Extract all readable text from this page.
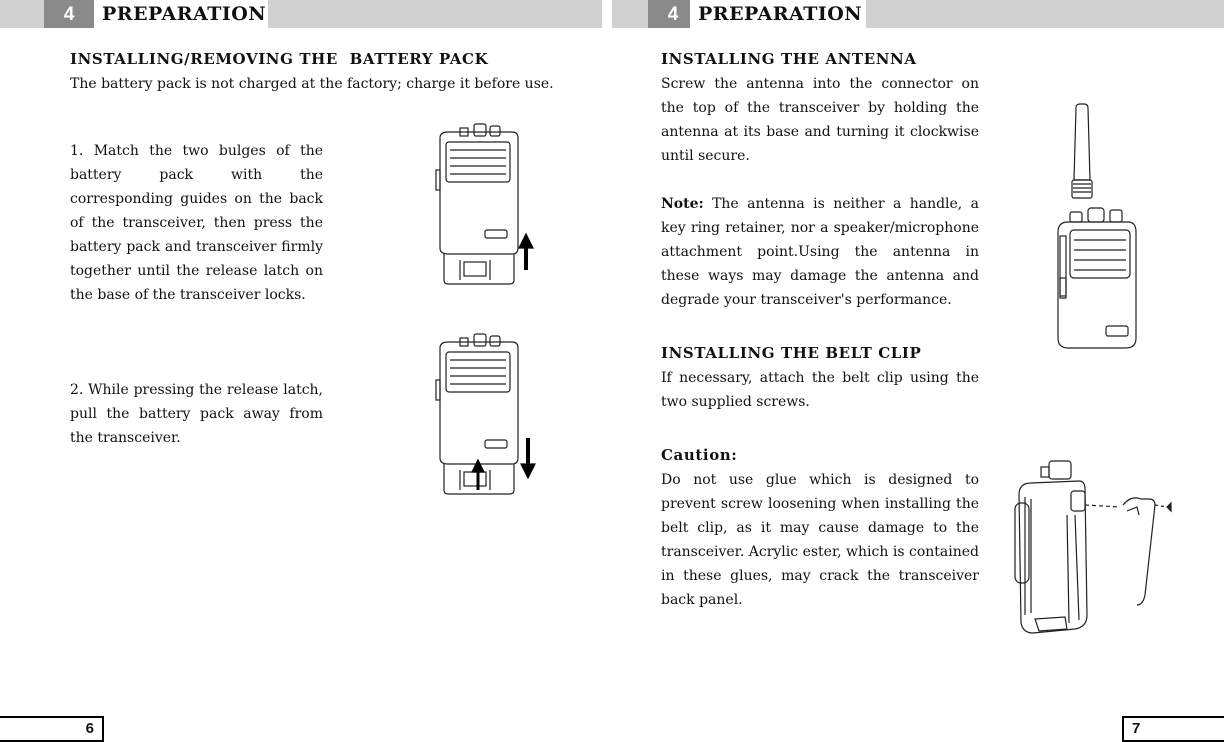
4	PREPARATION	4	PREPARATION
INSTALLING/REMOVING THE  BATTERY PACK

The battery pack is not charged at the factory; charge it before use.

1. Match the two bulges of the battery pack with the corresponding guides on the back of the transceiver, then press the battery pack and transceiver firmly together until the release latch on the base of the transceiver locks.

2. While pressing the release latch, pull the battery pack away from the transceiver.

INSTALLING THE ANTENNA

Screw the antenna into the connector on the top of the transceiver by holding the antenna at its base and turning it clockwise until secure.

Note: The antenna is neither a handle, a key ring retainer, nor a speaker/microphone attachment point.Using the antenna in these ways may damage the antenna and degrade your transceiver's performance.

INSTALLING THE BELT CLIP

If necessary, attach the belt clip using the two supplied screws.

Caution:

Do not use glue which is designed to prevent screw loosening when installing the belt clip, as it may cause damage to the transceiver. Acrylic ester, which is contained in these glues, may crack the transceiver back panel.

6	7
